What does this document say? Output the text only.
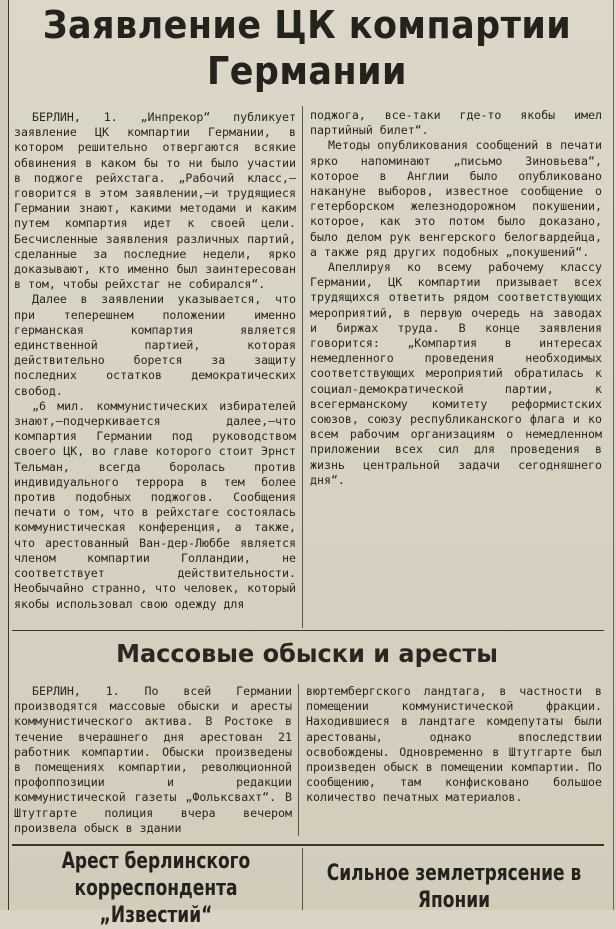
Заявление ЦК компартии Германии

БЕРЛИН, 1. „Инпрекор“ публикует заявление ЦК компартии Германии, в котором решительно отвергаются всякие обвинения в каком бы то ни было участии в поджоге рейхстага. „Рабочий класс,—говорится в этом заявлении,—и трудящиеся Германии знают, какими методами и каким путем компартия идет к своей цели. Бесчисленные заявления различных партий, сделанные за последние недели, ярко доказывают, кто именно был заинтересован в том, чтобы рейхстаг не собирался“.

Далее в заявлении указывается, что при теперешнем положении именно германская компартия является единственной партией, которая действительно борется за защиту последних остатков демократических свобод.

„6 мил. коммунистических избирателей знают,—подчеркивается далее,—что компартия Германии под руководством своего ЦК, во главе которого стоит Эрнст Тельман, всегда боролась против индивидуального террора в тем более против подобных поджогов. Сообщения печати о том, что в рейхстаге состоялась коммунистическая конференция, а также, что арестованный Ван-дер-Люббе является членом компартии Голландии, не соответствует действительности. Необычайно странно, что человек, который якобы использовал свою одежду для

поджога, все-таки где-то якобы имел партийный билет“.

Методы опубликования сообщений в печати ярко напоминают „письмо Зиновьева“, которое в Англии было опубликовано накануне выборов, известное сообщение о гетерборском железнодорожном покушении, которое, как это потом было доказано, было делом рук венгерского белогвардейца, а также ряд других подобных „покушений“.

Апеллируя ко всему рабочему классу Германии, ЦК компартии призывает всех трудящихся ответить рядом соответствующих мероприятий, в первую очередь на заводах и биржах труда. В конце заявления говорится: „Компартия в интересах немедленного проведения необходимых соответствующих мероприятий обратилась к социал-демократической партии, к всегерманскому комитету реформистских союзов, союзу республиканского флага и ко всем рабочим организациям о немедленном приложении всех сил для проведения в жизнь центральной задачи сегодняшнего дня“.

Массовые обыски и аресты

БЕРЛИН, 1. По всей Германии производятся массовые обыски и аресты коммунистического актива. В Ростоке в течение вчерашнего дня арестован 21 работник компартии. Обыски произведены в помещениях компартии, революционной профоппозиции и редакции коммунистической газеты „Фольксвахт“. В Штутгарте полиция вчера вечером произвела обыск в здании

вюртембергского ландтага, в частности в помещении коммунистической фракции. Находившиеся в ландтаге комдепутаты были арестованы, однако впоследствии освобождены. Одновременно в Штутгарте был произведен обыск в помещении компартии. По сообщению, там конфисковано большое количество печатных материалов.

Арест берлинского корреспондента „Известий“
Сильное землетрясение в Японии
